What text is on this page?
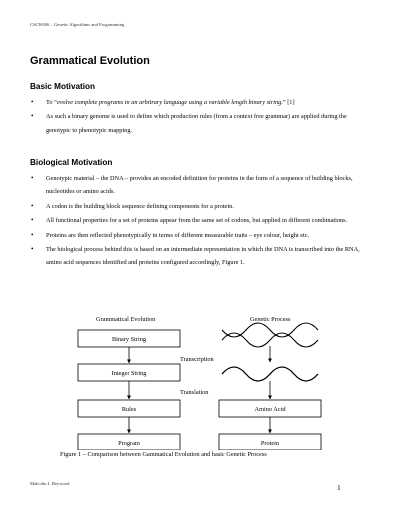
CSCI6506 – Genetic Algorithms and Programming
Grammatical Evolution
Basic Motivation
• To “evolve complete programs in an arbitrary language using a variable length binary string.” [1]
• As such a binary genome is used to define which production rules (from a context free grammar) are applied during the genotypic to phenotypic mapping.
Biological Motivation
• Genotypic material – the DNA – provides an encoded definition for proteins in the form of a sequence of building blocks, nucleotides or amino acids.
• A codon is the building block sequence defining components for a protein.
• All functional properties for a set of proteins appear from the same set of codons, but applied in different combinations.
• Proteins are then reflected phenotypically in terms of different measurable traits – eye colour, height etc.
• The biological process behind this is based on an intermediate representation in which the DNA is transcribed into the RNA, amino acid sequences identified and proteins configured accordingly, Figure 1.
Grammatical Evolution	Genetic Process
Binary String
Integer String
Rules
Program
Transcription
Translation
Amino Acid
Protein
Figure 1 – Comparison between Gammatical Evolution and basic Genetic Process
Malcolm I. Heywood	1
